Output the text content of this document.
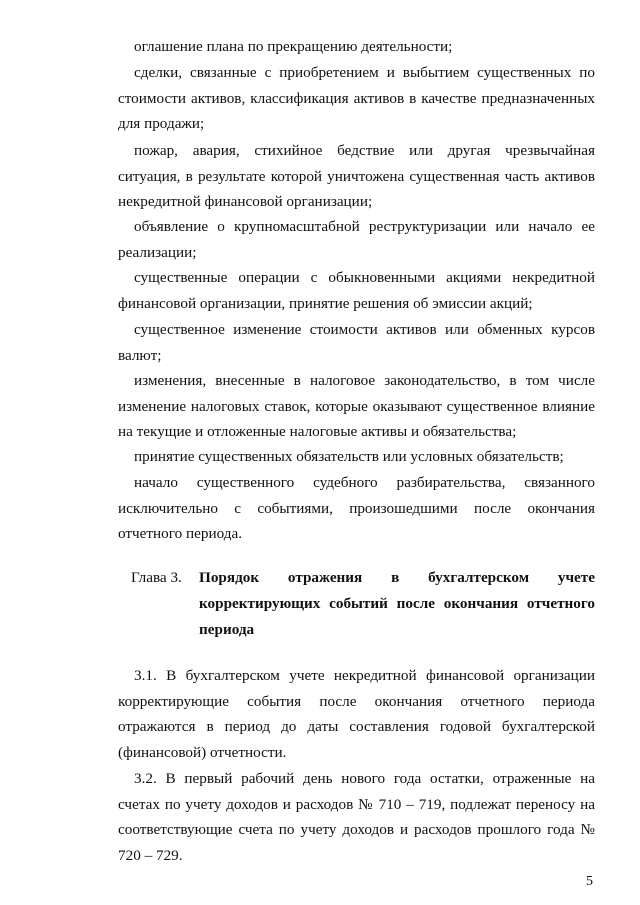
оглашение плана по прекращению деятельности;

сделки, связанные с приобретением и выбытием существенных по стоимости активов, классификация активов в качестве предназначенных для продажи;

пожар, авария, стихийное бедствие или другая чрезвычайная ситуация, в результате которой уничтожена существенная часть активов некредитной финансовой организации;

объявление о крупномасштабной реструктуризации или начало ее реализации;

существенные операции с обыкновенными акциями некредитной финансовой организации, принятие решения об эмиссии акций;

существенное изменение стоимости активов или обменных курсов валют;

изменения, внесенные в налоговое законодательство, в том числе изменение налоговых ставок, которые оказывают существенное влияние на текущие и отложенные налоговые активы и обязательства;

принятие существенных обязательств или условных обязательств;

начало существенного судебного разбирательства, связанного исключительно с событиями, произошедшими после окончания отчетного периода.

Глава 3. Порядок отражения в бухгалтерском учете корректирующих событий после окончания отчетного периода

3.1. В бухгалтерском учете некредитной финансовой организации корректирующие события после окончания отчетного периода отражаются в период до даты составления годовой бухгалтерской (финансовой) отчетности.

3.2. В первый рабочий день нового года остатки, отраженные на счетах по учету доходов и расходов № 710 – 719, подлежат переносу на соответствующие счета по учету доходов и расходов прошлого года № 720 – 729.

5
